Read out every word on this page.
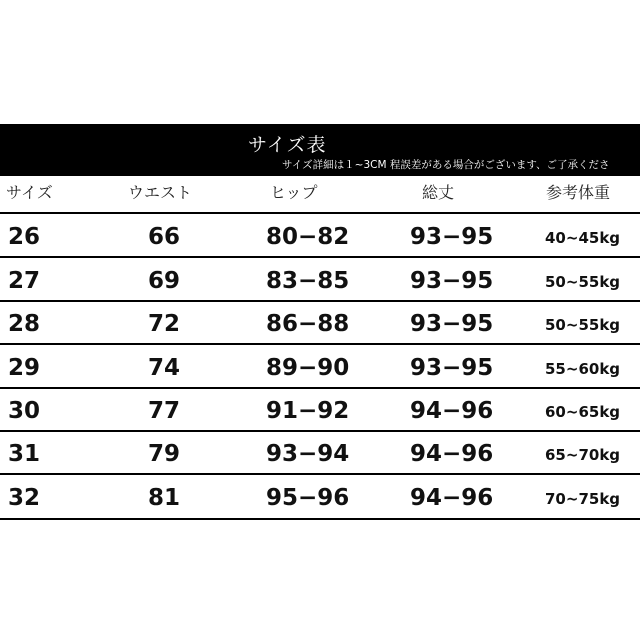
サイズ表
サイズ詳細は１~3CM 程誤差がある場合がございます、ご了承くださ
サイズ	ウエスト	ヒップ	総丈	参考体重
26	66	80−82	93−95	40~45kg
27	69	83−85	93−95	50~55kg
28	72	86−88	93−95	50~55kg
29	74	89−90	93−95	55~60kg
30	77	91−92	94−96	60~65kg
31	79	93−94	94−96	65~70kg
32	81	95−96	94−96	70~75kg
